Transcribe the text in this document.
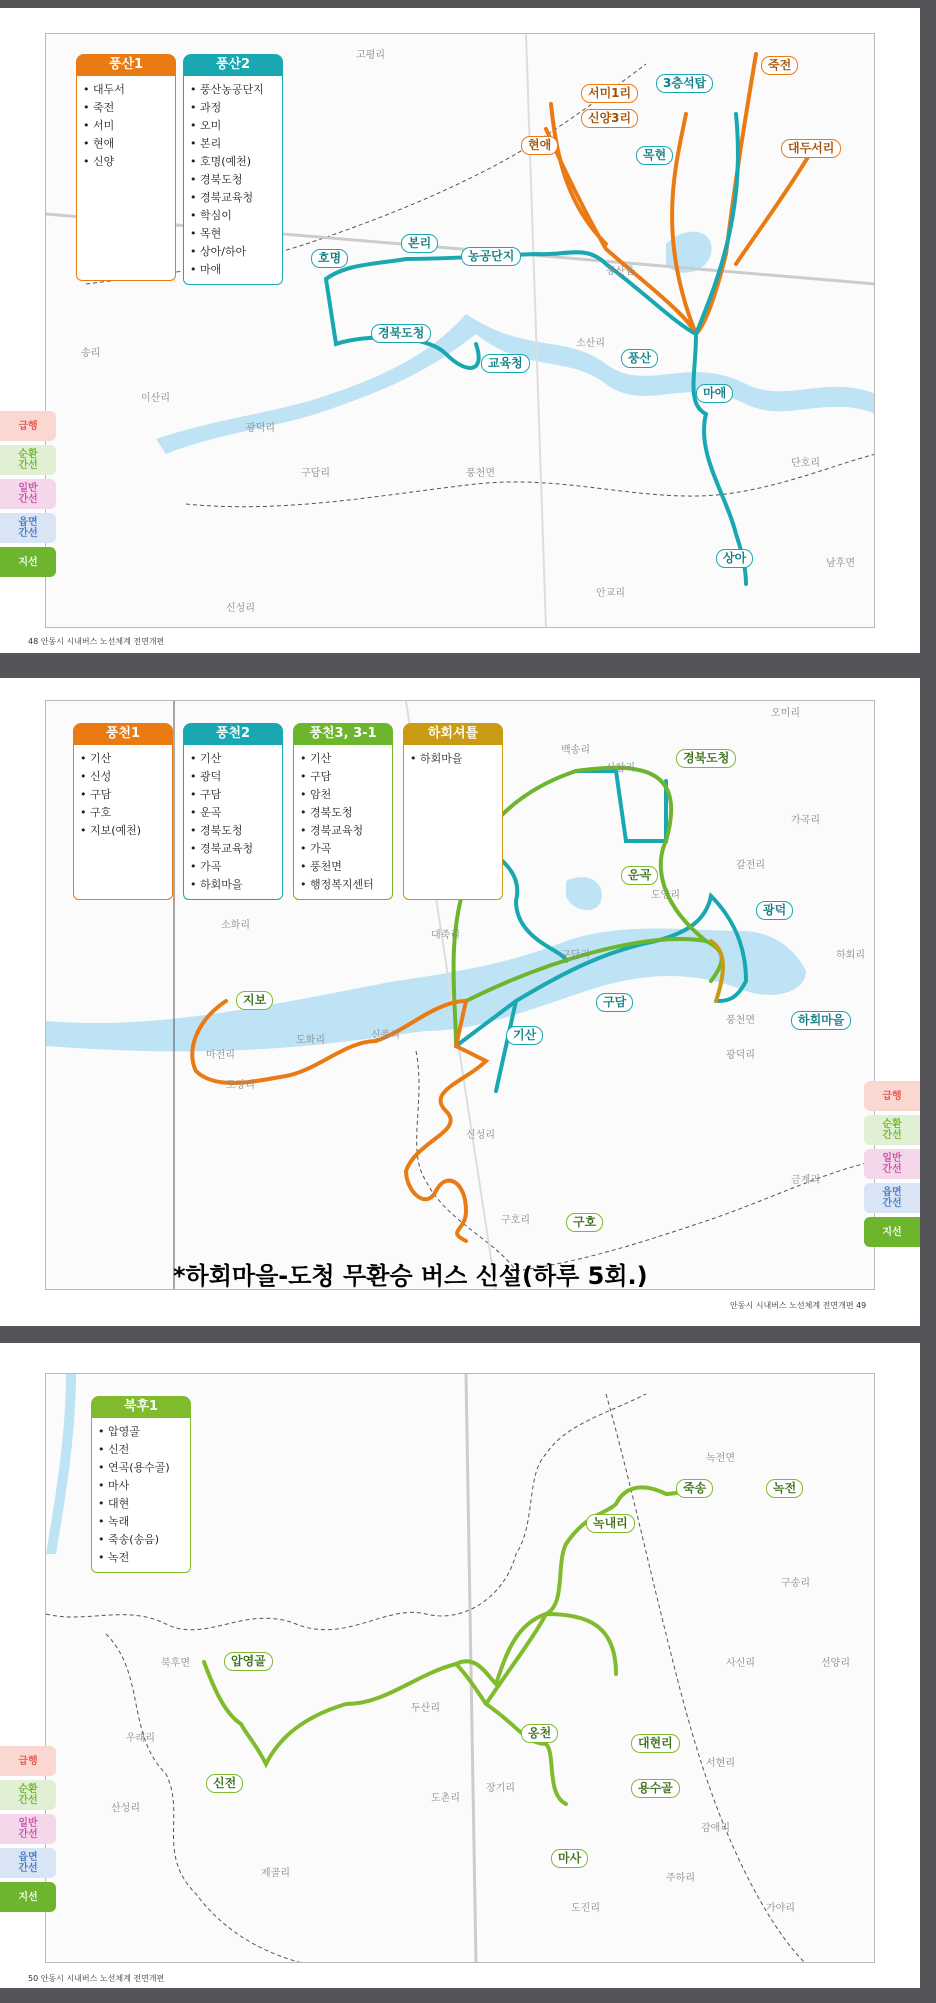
풍산1
• 대두서
• 죽전
• 서미
• 현애
• 신양
풍산2
• 풍산농공단지
• 과정
• 오미
• 본리
• 호명(예천)
• 경북도청
• 경북교육청
• 학심이
• 목현
• 상아/하아
• 마애
고평리
풍산읍
소산리
안교리
단호리
남후면
구담리	풍천면
송리
이산리
광덕리
신성리
죽전
3층석탑
서미1리
신양3리
현애
목현	대두서리
본리
호명	농공단지
경북도청
교육청	풍산
마애
상아
급행
순환
간선
일반
간선
읍면
간선
지선
48 안동시 시내버스 노선체계 전면개편
풍천1
• 기산
• 신성
• 구담
• 구호
• 지보(예천)
풍천2
• 기산
• 광덕
• 구담
• 운곡
• 경북도청
• 경북교육청
• 가곡
• 하회마을
풍천3, 3-1
• 기산
• 구담
• 암천
• 경북도청
• 경북교육청
• 가곡
• 풍천면
• 행정복지센터
하회셔틀
• 하회마을
오미리
백송리
산합리
가곡리
갈전리
도양리
구담리
대죽리
소화리
마전리
도화리	신풍리
도장리
풍천면
광덕리
신성리
금계리
하회리
구호리
경북도청
운곡
광덕
구담
기산
하회마을
지보
구호
*하회마을-도청 무환승 버스 신설(하루 5회.)
급행
순환
간선
일반
간선
읍면
간선
지선
안동시 시내버스 노선체계 전면개편 49
북후1
• 압영골
• 신전
• 연곡(용수골)
• 마사
• 대현
• 녹래
• 죽송(송음)
• 녹전
녹전면
구송리
사신리	선양리
북후면
두산리
서현리
도촌리
감애리
우래리
산성리
제골리	주하리
가야리
도진리
장기리
죽송	녹전
녹내리
압영골
옹천
대현리
용수골
신전
마사
급행
순환
간선
일반
간선
읍면
간선
지선
50 안동시 시내버스 노선체계 전면개편
